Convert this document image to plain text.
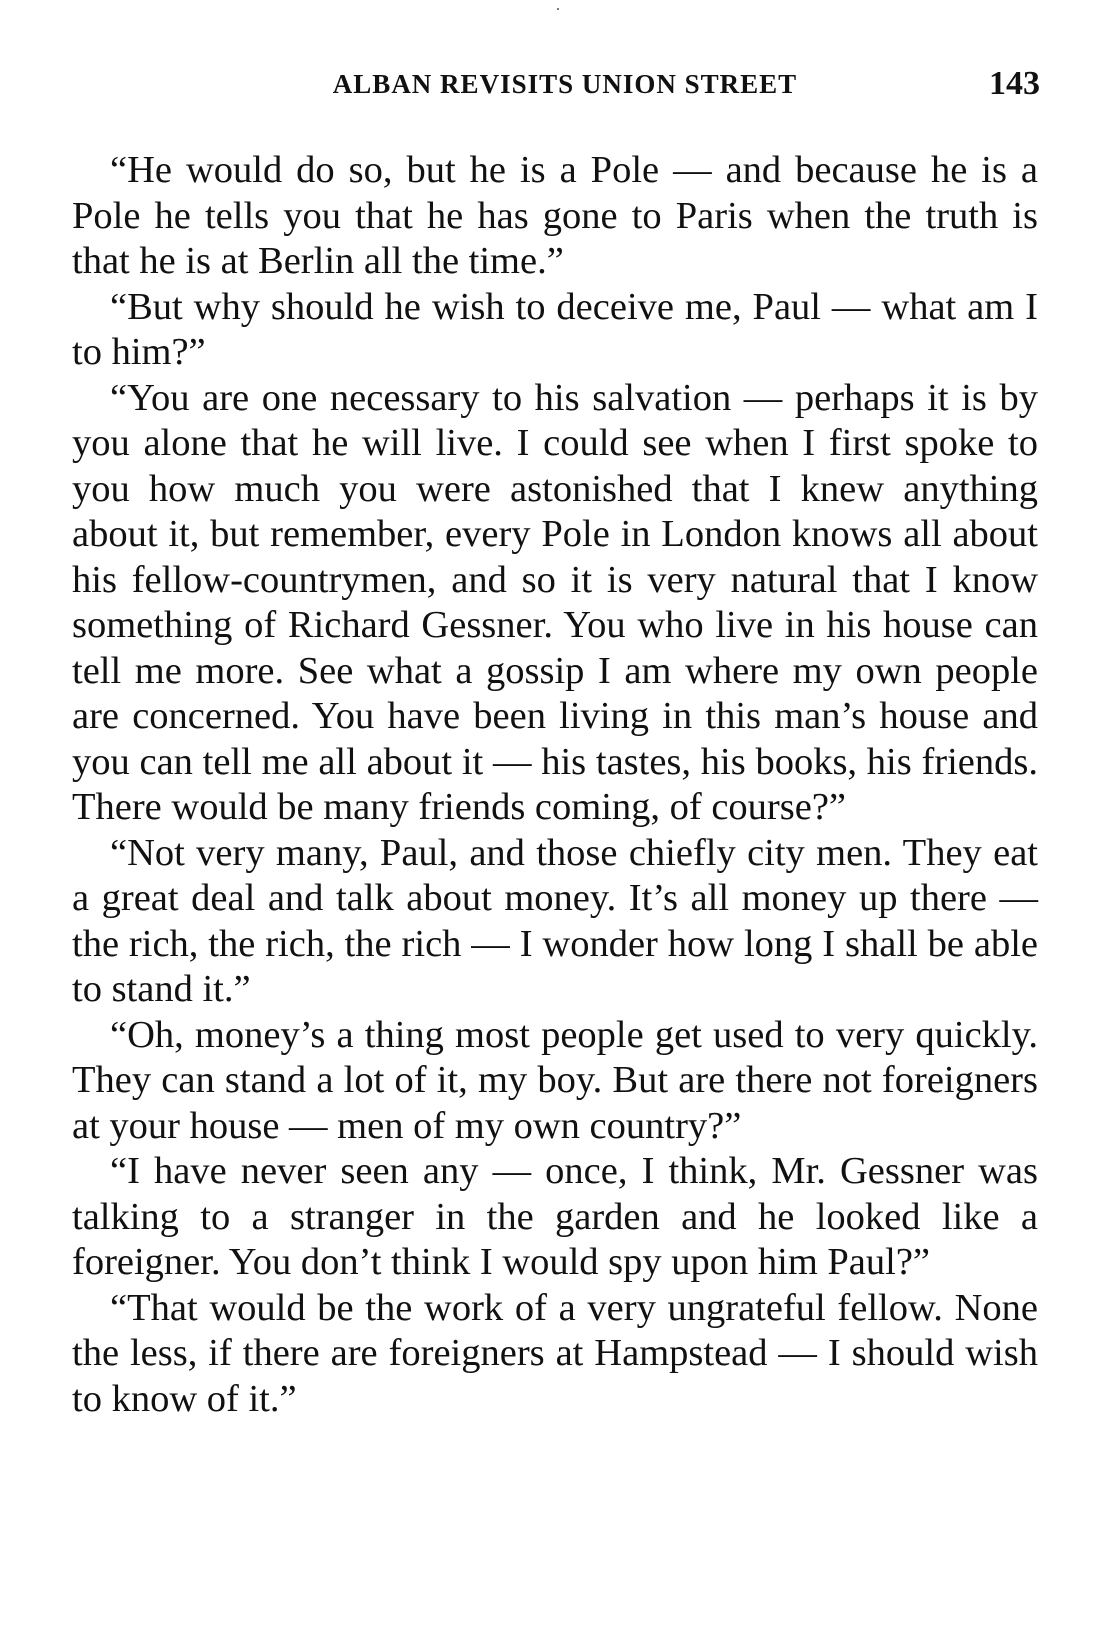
ALBAN REVISITS UNION STREET	143

“He would do so, but he is a Pole — and because he is a Pole he tells you that he has gone to Paris when the truth is that he is at Berlin all the time.”

“But why should he wish to deceive me, Paul — what am I to him?”

“You are one necessary to his salvation — perhaps it is by you alone that he will live. I could see when I first spoke to you how much you were astonished that I knew anything about it, but remember, every Pole in London knows all about his fellow-countrymen, and so it is very natural that I know something of Richard Gessner. You who live in his house can tell me more. See what a gossip I am where my own people are concerned. You have been living in this man’s house and you can tell me all about it — his tastes, his books, his friends. There would be many friends coming, of course?”

“Not very many, Paul, and those chiefly city men. They eat a great deal and talk about money. It’s all money up there — the rich, the rich, the rich — I wonder how long I shall be able to stand it.”

“Oh, money’s a thing most people get used to very quickly. They can stand a lot of it, my boy. But are there not foreigners at your house — men of my own country?”

“I have never seen any — once, I think, Mr. Gessner was talking to a stranger in the garden and he looked like a foreigner. You don’t think I would spy upon him Paul?”

“That would be the work of a very ungrateful fellow. None the less, if there are foreigners at Hampstead — I should wish to know of it.”
